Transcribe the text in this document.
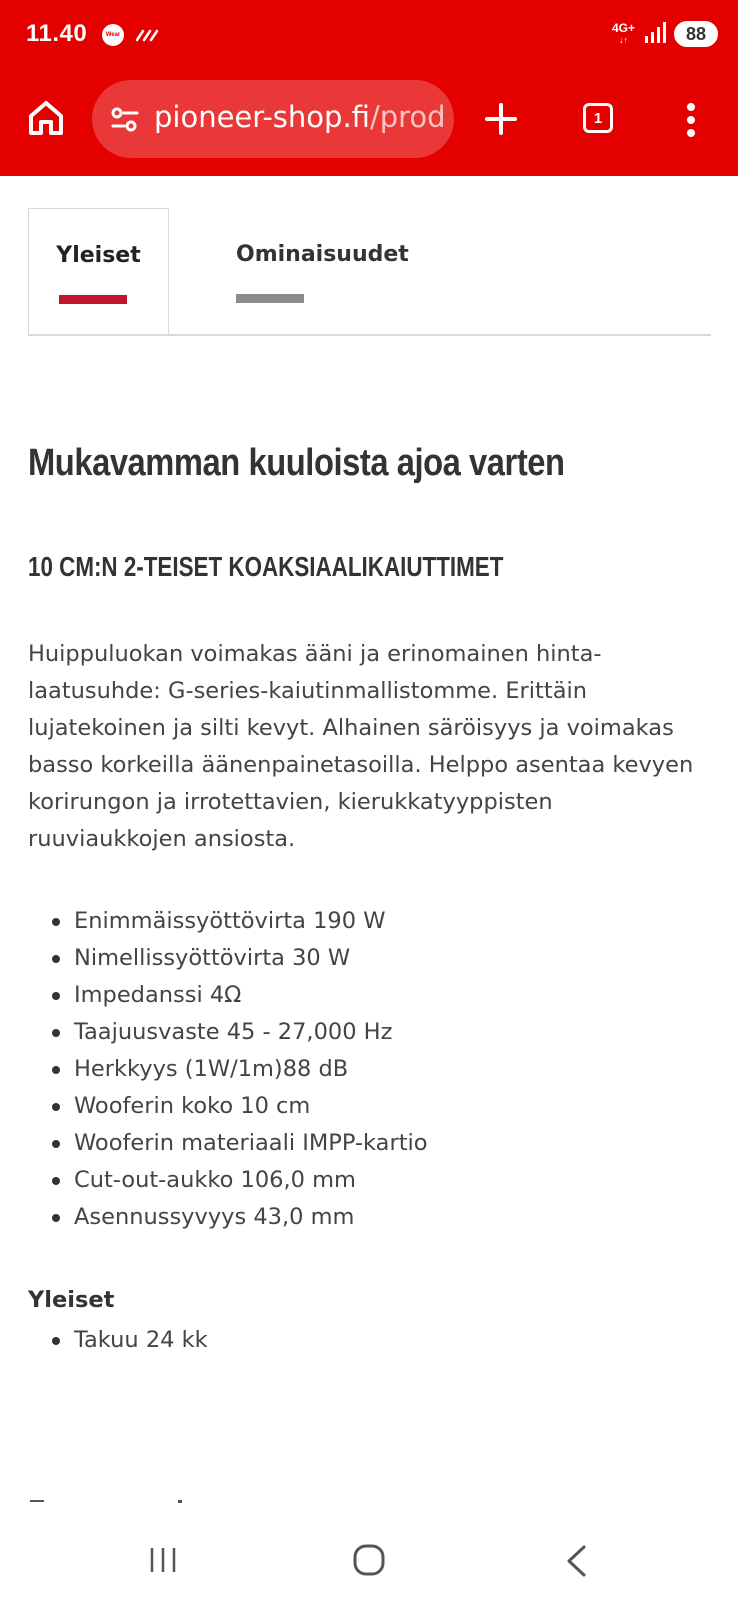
11.40	Wear	4G+
↓↑	88
pioneer-shop.fi/prod	1
Yleiset	Ominaisuudet
Mukavamman kuuloista ajoa varten
10 CM:N 2-TEISET KOAKSIAALIKAIUTTIMET

Huippuluokan voimakas ääni ja erinomainen hinta-

laatusuhde: G-series-kaiutinmallistomme. Erittäin

lujatekoinen ja silti kevyt. Alhainen säröisyys ja voimakas

basso korkeilla äänenpainetasoilla. Helppo asentaa kevyen

korirungon ja irrotettavien, kierukkatyyppisten

ruuviaukkojen ansiosta.

Enimmäissyöttövirta 190 W
Nimellissyöttövirta 30 W
Impedanssi 4Ω
Taajuusvaste 45 - 27,000 Hz
Herkkyys (1W/1m)88 dB
Wooferin koko 10 cm
Wooferin materiaali IMPP-kartio
Cut-out-aukko 106,0 mm
Asennussyvyys 43,0 mm
Yleiset
Takuu 24 kk
